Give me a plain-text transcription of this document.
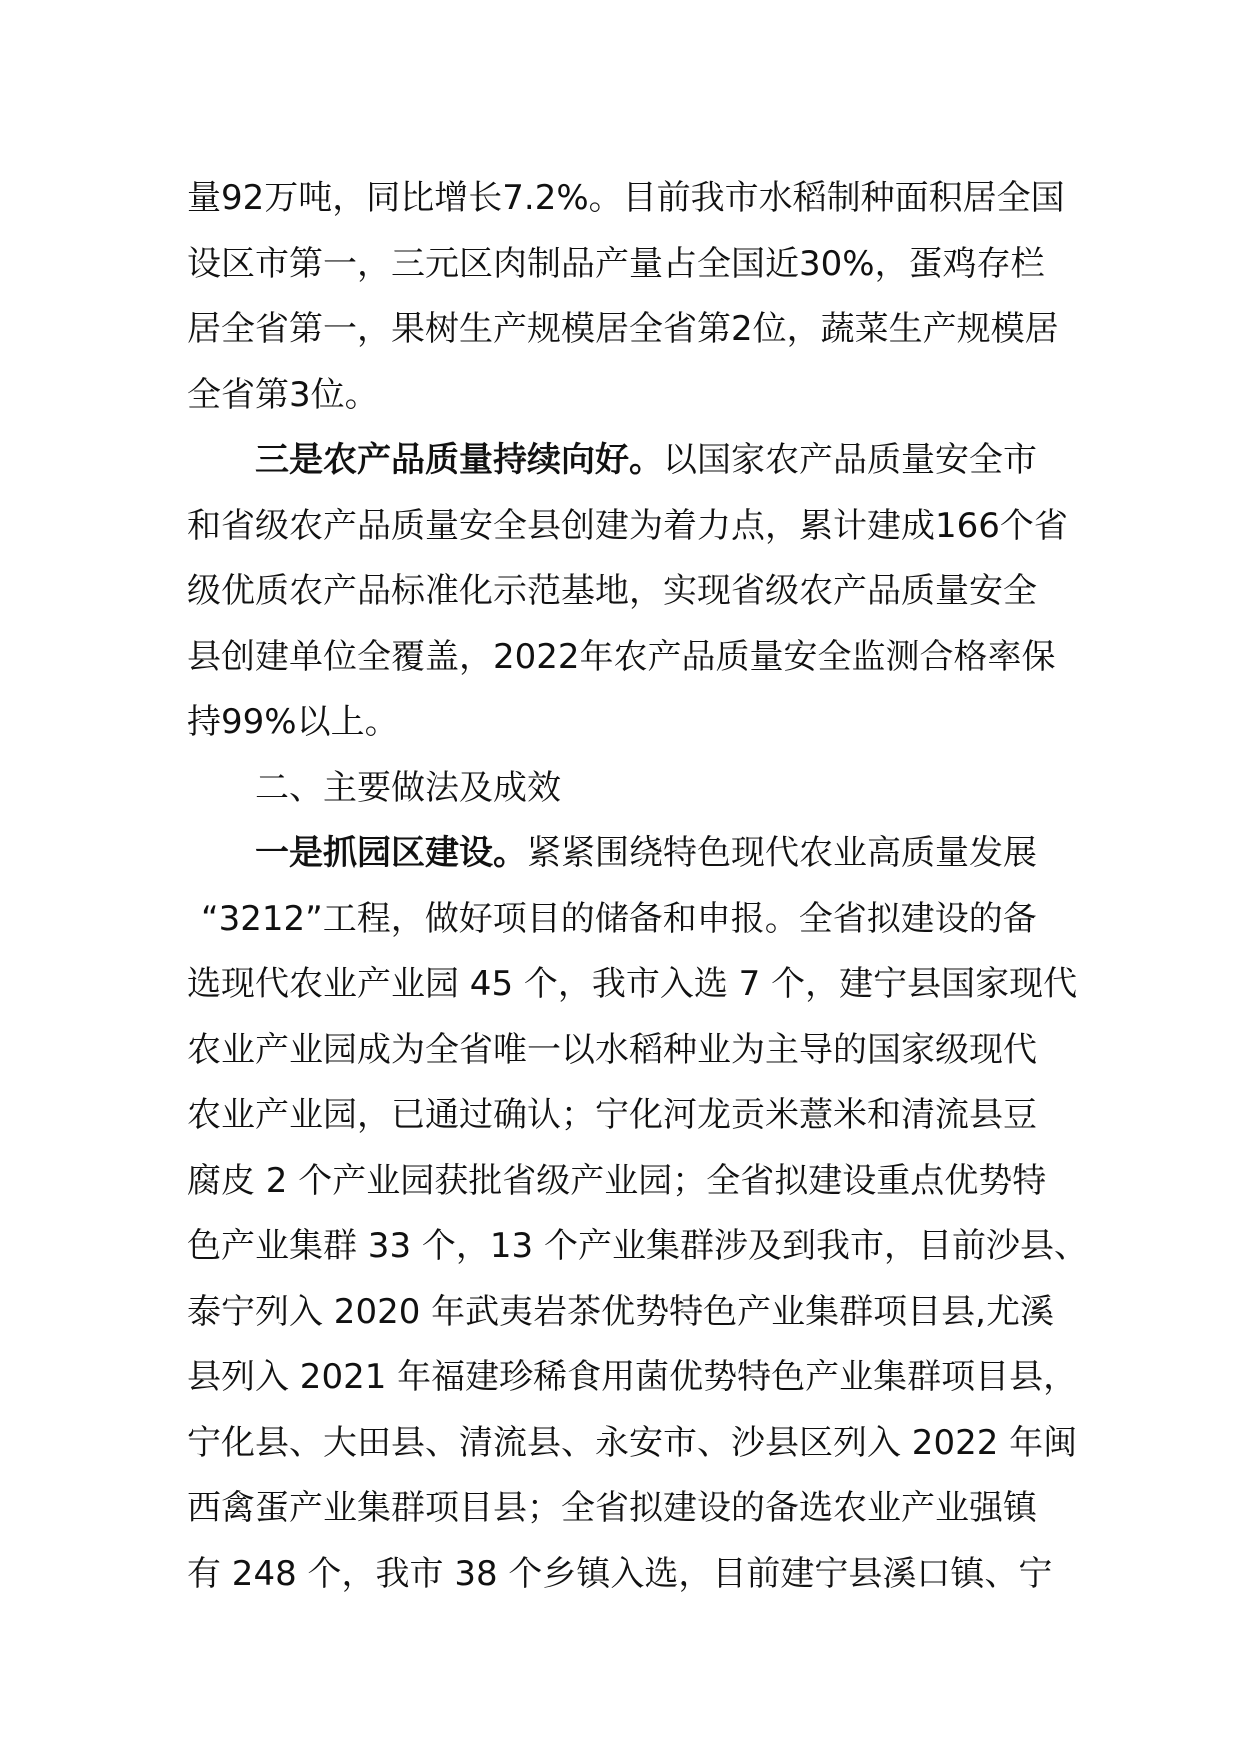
量92万吨，同比增长7.2%。目前我市水稻制种面积居全国
设区市第一，三元区肉制品产量占全国近30%，蛋鸡存栏
居全省第一，果树生产规模居全省第2位，蔬菜生产规模居
全省第3位。
三是农产品质量持续向好。以国家农产品质量安全市
和省级农产品质量安全县创建为着力点，累计建成166个省
级优质农产品标准化示范基地，实现省级农产品质量安全
县创建单位全覆盖，2022年农产品质量安全监测合格率保
持99%以上。
二、主要做法及成效
一是抓园区建设。紧紧围绕特色现代农业高质量发展
“3212”工程，做好项目的储备和申报。全省拟建设的备
选现代农业产业园 45 个，我市入选 7 个，建宁县国家现代
农业产业园成为全省唯一以水稻种业为主导的国家级现代
农业产业园，已通过确认；宁化河龙贡米薏米和清流县豆
腐皮 2 个产业园获批省级产业园；全省拟建设重点优势特
色产业集群 33 个，13 个产业集群涉及到我市，目前沙县、
泰宁列入 2020 年武夷岩茶优势特色产业集群项目县,尤溪
县列入 2021 年福建珍稀食用菌优势特色产业集群项目县，
宁化县、大田县、清流县、永安市、沙县区列入 2022 年闽
西禽蛋产业集群项目县；全省拟建设的备选农业产业强镇
有 248 个，我市 38 个乡镇入选，目前建宁县溪口镇、宁
